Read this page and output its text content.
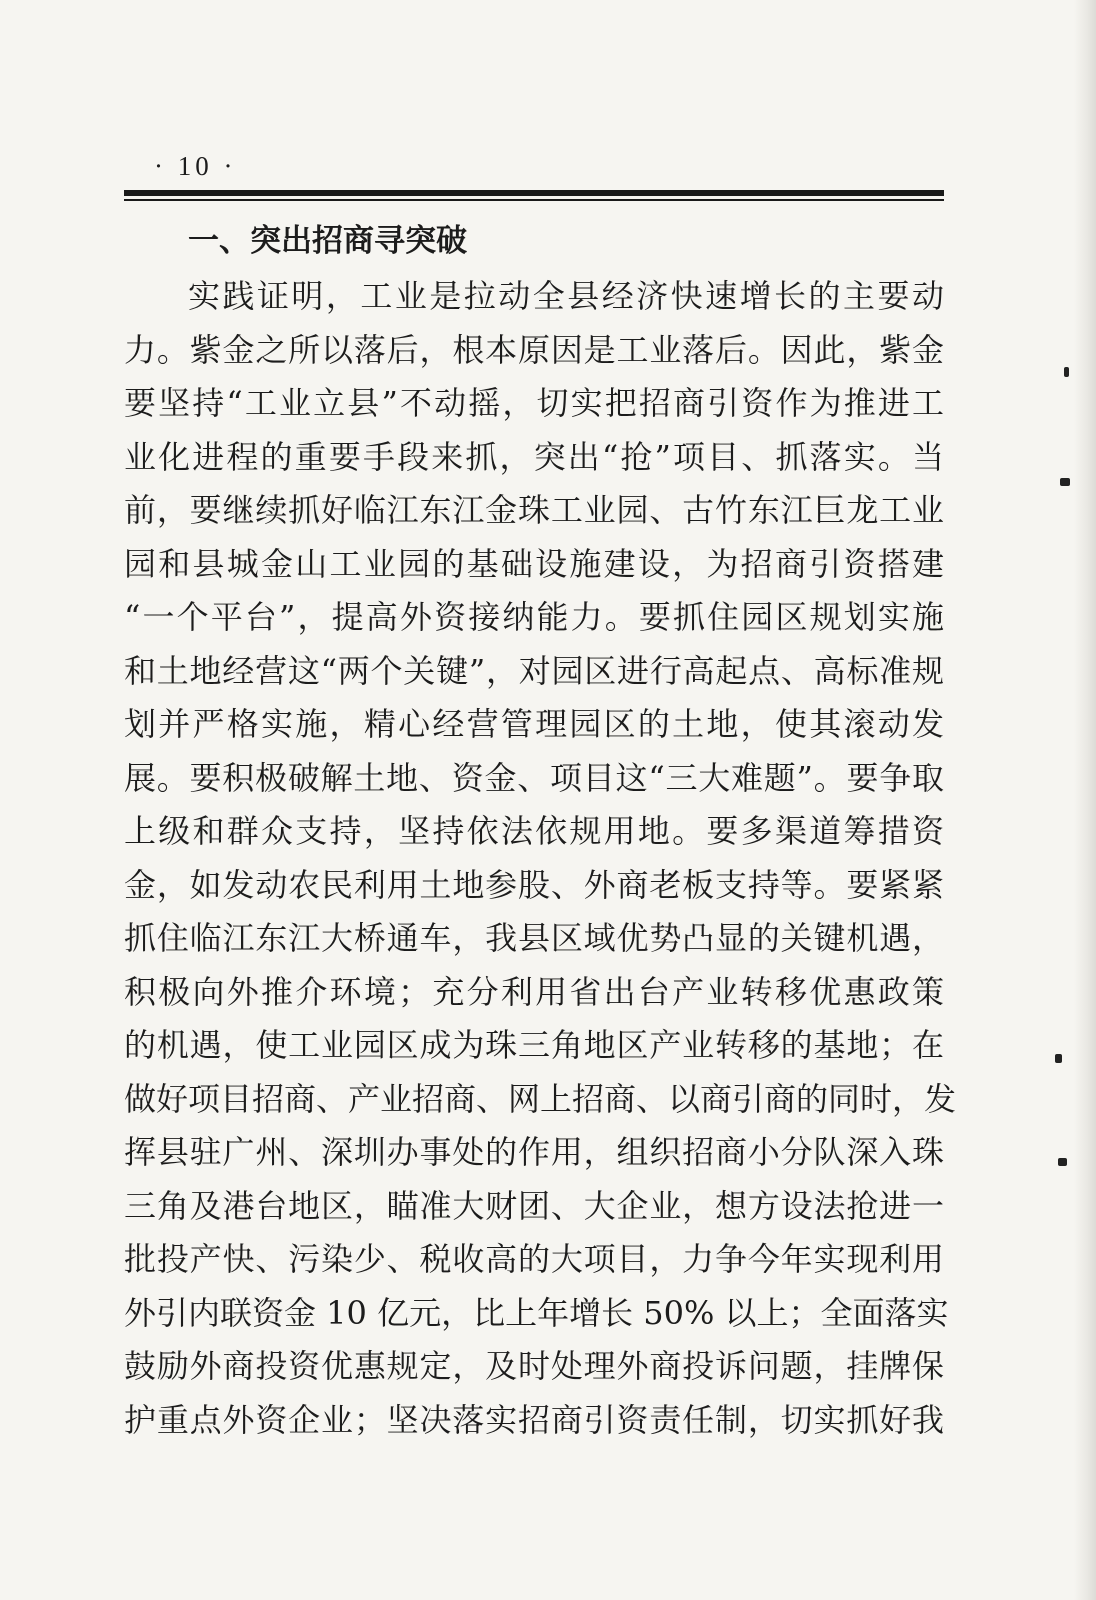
· 10 ·
一、突出招商寻突破
实践证明，工业是拉动全县经济快速增长的主要动
力。紫金之所以落后，根本原因是工业落后。因此，紫金
要坚持“工业立县”不动摇，切实把招商引资作为推进工
业化进程的重要手段来抓，突出“抢”项目、抓落实。当
前，要继续抓好临江东江金珠工业园、古竹东江巨龙工业
园和县城金山工业园的基础设施建设，为招商引资搭建
“一个平台”，提高外资接纳能力。要抓住园区规划实施
和土地经营这“两个关键”，对园区进行高起点、高标准规
划并严格实施，精心经营管理园区的土地，使其滚动发
展。要积极破解土地、资金、项目这“三大难题”。要争取
上级和群众支持，坚持依法依规用地。要多渠道筹措资
金，如发动农民利用土地参股、外商老板支持等。要紧紧
抓住临江东江大桥通车，我县区域优势凸显的关键机遇，
积极向外推介环境；充分利用省出台产业转移优惠政策
的机遇，使工业园区成为珠三角地区产业转移的基地；在
做好项目招商、产业招商、网上招商、以商引商的同时，发
挥县驻广州、深圳办事处的作用，组织招商小分队深入珠
三角及港台地区，瞄准大财团、大企业，想方设法抢进一
批投产快、污染少、税收高的大项目，力争今年实现利用
外引内联资金 10 亿元，比上年增长 50% 以上；全面落实
鼓励外商投资优惠规定，及时处理外商投诉问题，挂牌保
护重点外资企业；坚决落实招商引资责任制，切实抓好我
